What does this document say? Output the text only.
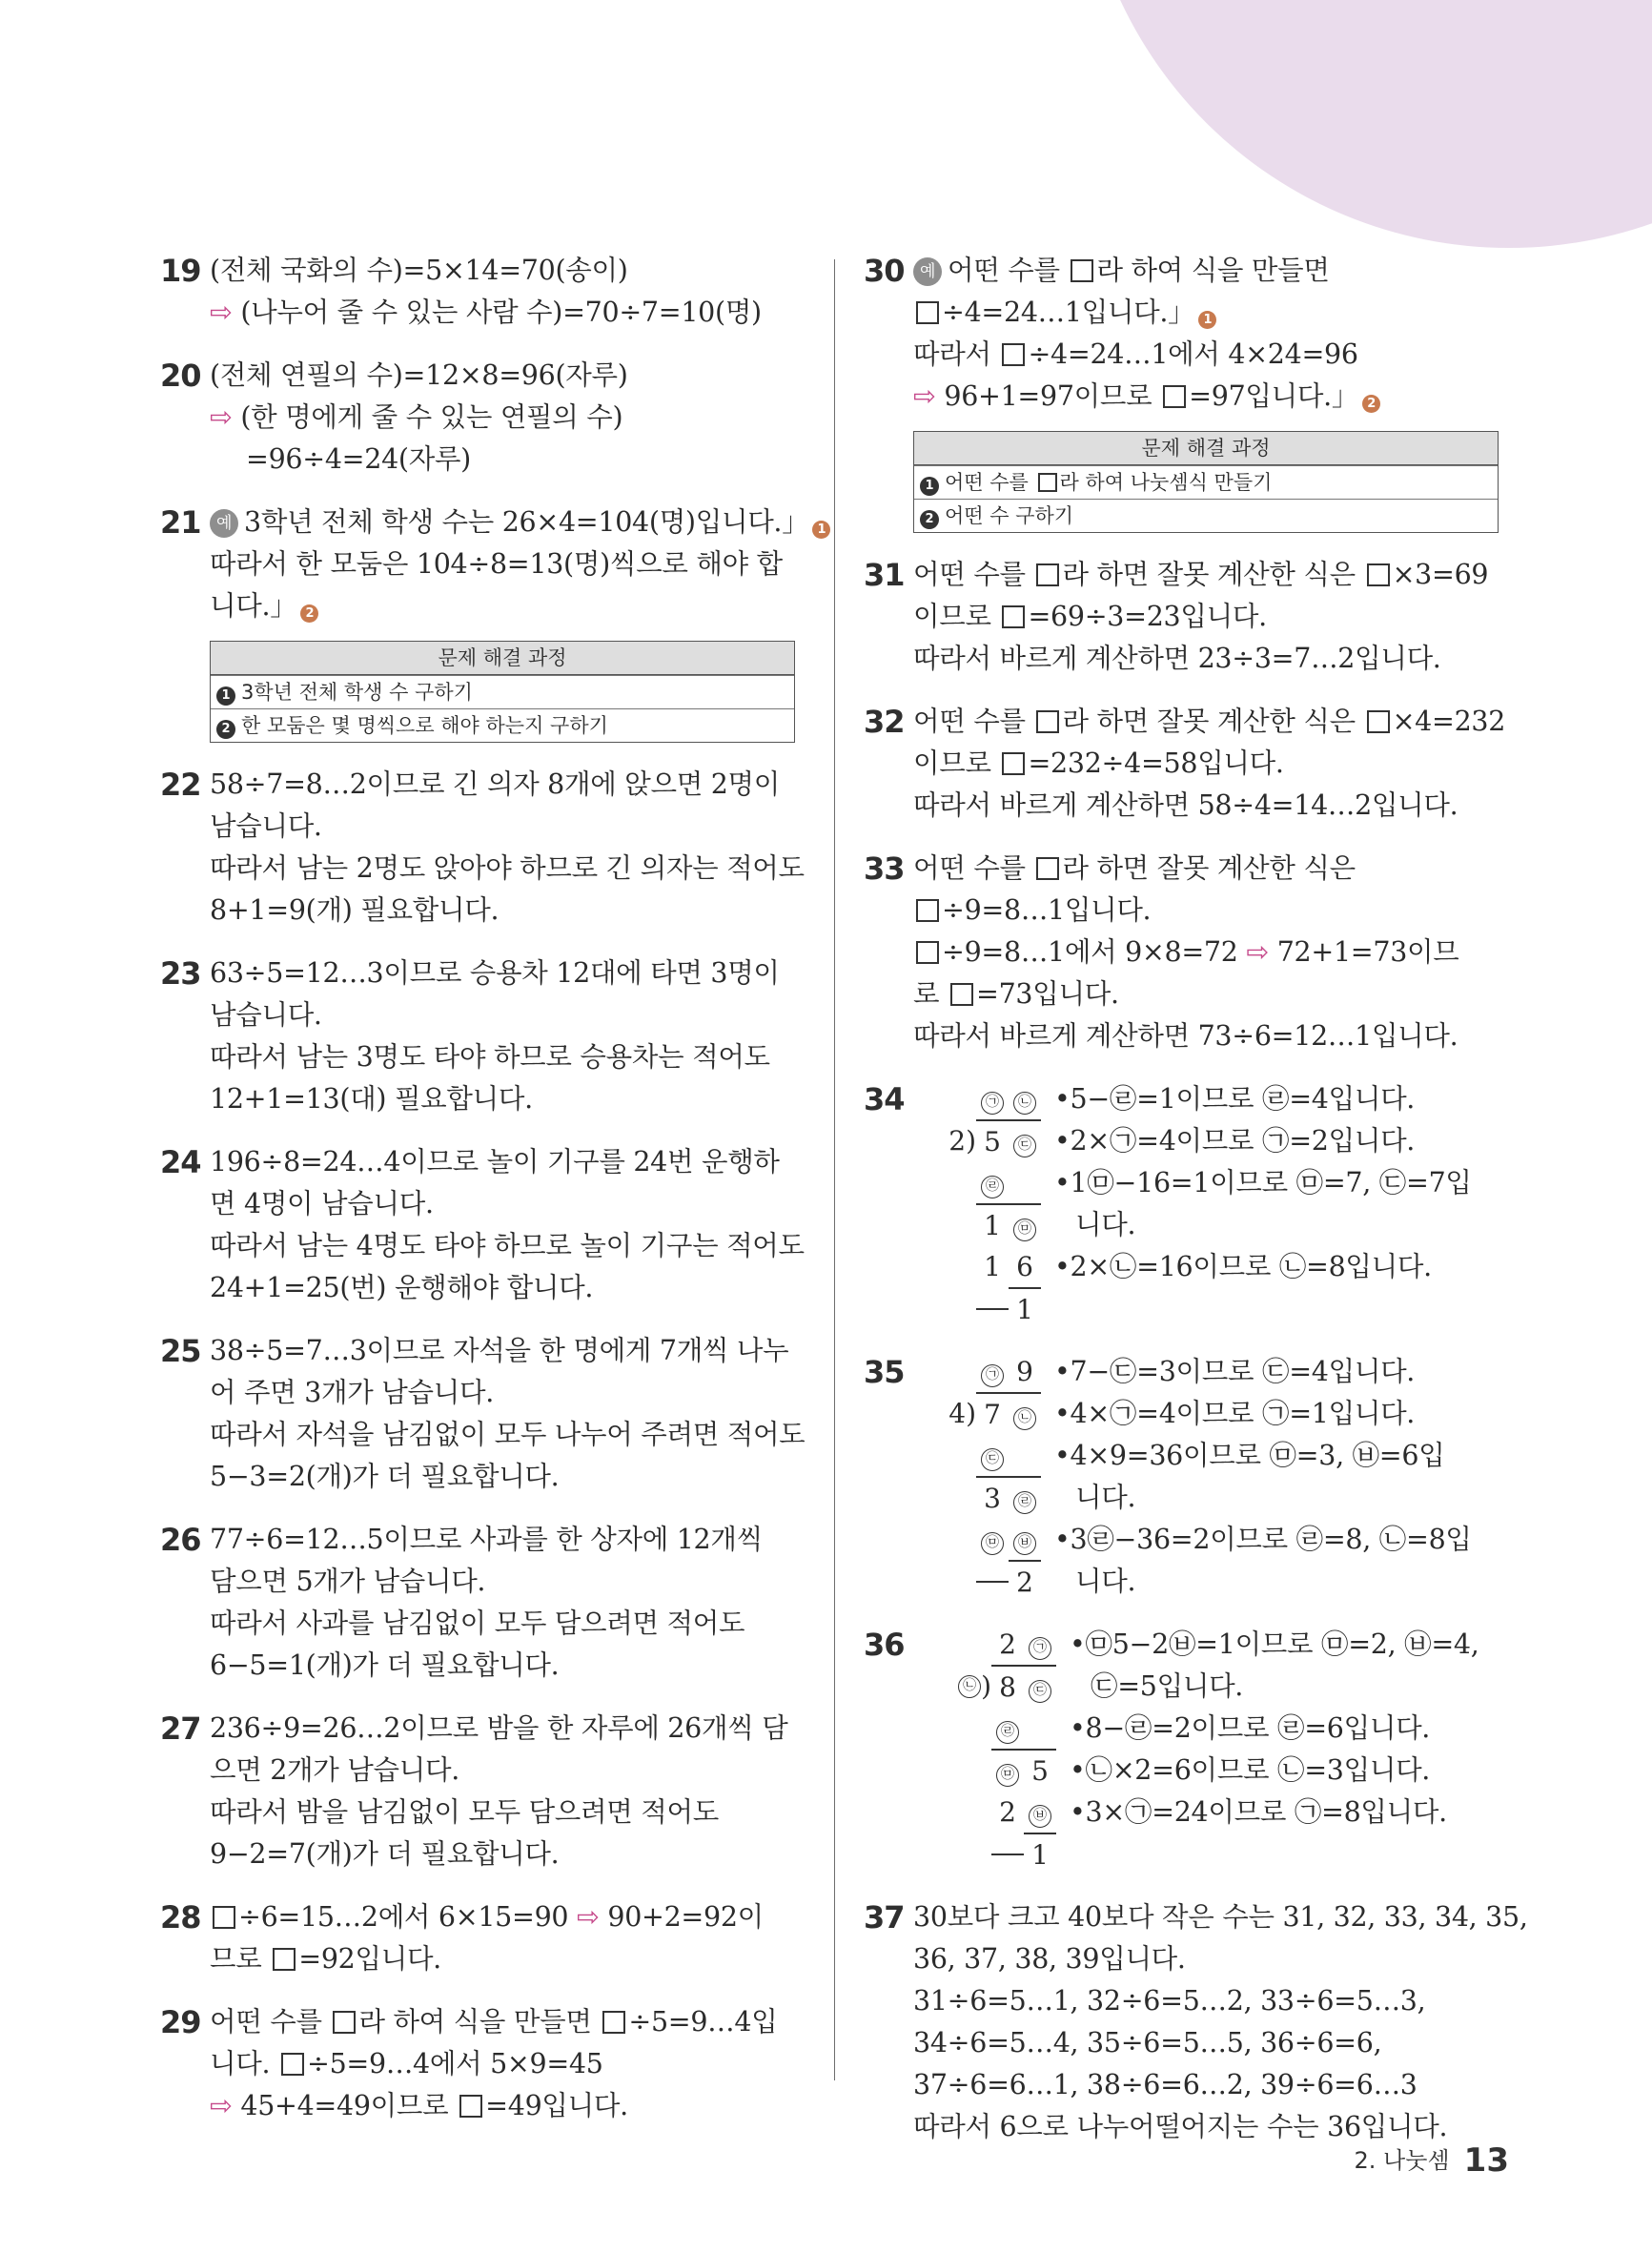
19 (전체 국화의 수)=5×14=70(송이)
⇨ (나누어 줄 수 있는 사람 수)=70÷7=10(명)
20 (전체 연필의 수)=12×8=96(자루)
⇨ (한 명에게 줄 수 있는 연필의 수)
=96÷4=24(자루)
21 예 3학년 전체 학생 수는 26×4=104(명)입니다.」 1
따라서 한 모둠은 104÷8=13(명)씩으로 해야 합
니다.」 2
문제 해결 과정
1 3학년 전체 학생 수 구하기
2 한 모둠은 몇 명씩으로 해야 하는지 구하기
22 58÷7=8…2이므로 긴 의자 8개에 앉으면 2명이
남습니다.
따라서 남는 2명도 앉아야 하므로 긴 의자는 적어도
8+1=9(개) 필요합니다.
23 63÷5=12…3이므로 승용차 12대에 타면 3명이
남습니다.
따라서 남는 3명도 타야 하므로 승용차는 적어도
12+1=13(대) 필요합니다.
24 196÷8=24…4이므로 놀이 기구를 24번 운행하
면 4명이 남습니다.
따라서 남는 4명도 타야 하므로 놀이 기구는 적어도
24+1=25(번) 운행해야 합니다.
25 38÷5=7…3이므로 자석을 한 명에게 7개씩 나누
어 주면 3개가 남습니다.
따라서 자석을 남김없이 모두 나누어 주려면 적어도
5−3=2(개)가 더 필요합니다.
26 77÷6=12…5이므로 사과를 한 상자에 12개씩
담으면 5개가 남습니다.
따라서 사과를 남김없이 모두 담으려면 적어도
6−5=1(개)가 더 필요합니다.
27 236÷9=26…2이므로 밤을 한 자루에 26개씩 담
으면 2개가 남습니다.
따라서 밤을 남김없이 모두 담으려면 적어도
9−2=7(개)가 더 필요합니다.
28	÷6=15…2에서 6×15=90 ⇨ 90+2=92이
므로 =92입니다.
29 어떤 수를 라 하여 식을 만들면 ÷5=9…4입
니다. ÷5=9…4에서 5×9=45
⇨ 45+4=49이므로 =49입니다.
30 예 어떤 수를 라 하여 식을 만들면
÷4=24…1입니다.」 1
따라서 ÷4=24…1에서 4×24=96
⇨ 96+1=97이므로 =97입니다.」 2
문제 해결 과정
1 어떤 수를 라 하여 나눗셈식 만들기
2 어떤 수 구하기
31 어떤 수를 라 하면 잘못 계산한 식은 ×3=69
이므로 =69÷3=23입니다.
따라서 바르게 계산하면 23÷3=7…2입니다.
32 어떤 수를 라 하면 잘못 계산한 식은 ×4=232
이므로 =232÷4=58입니다.
따라서 바르게 계산하면 58÷4=14…2입니다.
33 어떤 수를 라 하면 잘못 계산한 식은
÷9=8…1입니다.
÷9=8…1에서 9×8=72 ⇨ 72+1=73이므
로 =73입니다.
따라서 바르게 계산하면 73÷6=12…1입니다.
34	㉠	㉡
2 ) 5	㉢
㉣
1	㉤
1 6
1
•5−㉣=1이므로 ㉣=4입니다.
•2×㉠=4이므로 ㉠=2입니다.
•1㉤−16=1이므로 ㉤=7, ㉢=7입
니다.
•2×㉡=16이므로 ㉡=8입니다.
35	㉠ 9
4 ) 7	㉡
㉢
3	㉣
㉤	㉥
2
•7−㉢=3이므로 ㉢=4입니다.
•4×㉠=4이므로 ㉠=1입니다.
•4×9=36이므로 ㉤=3, ㉥=6입
니다.
•3㉣−36=2이므로 ㉣=8, ㉡=8입
니다.
36	2	㉠
㉡ ) 8	㉢
㉣
㉤ 5
2	㉥
1
•㉤5−2㉥=1이므로 ㉤=2, ㉥=4,
㉢=5입니다.
•8−㉣=2이므로 ㉣=6입니다.
•㉡×2=6이므로 ㉡=3입니다.
•3×㉠=24이므로 ㉠=8입니다.
37 30보다 크고 40보다 작은 수는 31, 32, 33, 34, 35,
36, 37, 38, 39입니다.
31÷6=5…1, 32÷6=5…2, 33÷6=5…3,
34÷6=5…4, 35÷6=5…5, 36÷6=6,
37÷6=6…1, 38÷6=6…2, 39÷6=6…3
따라서 6으로 나누어떨어지는 수는 36입니다.
2. 나눗셈 13
